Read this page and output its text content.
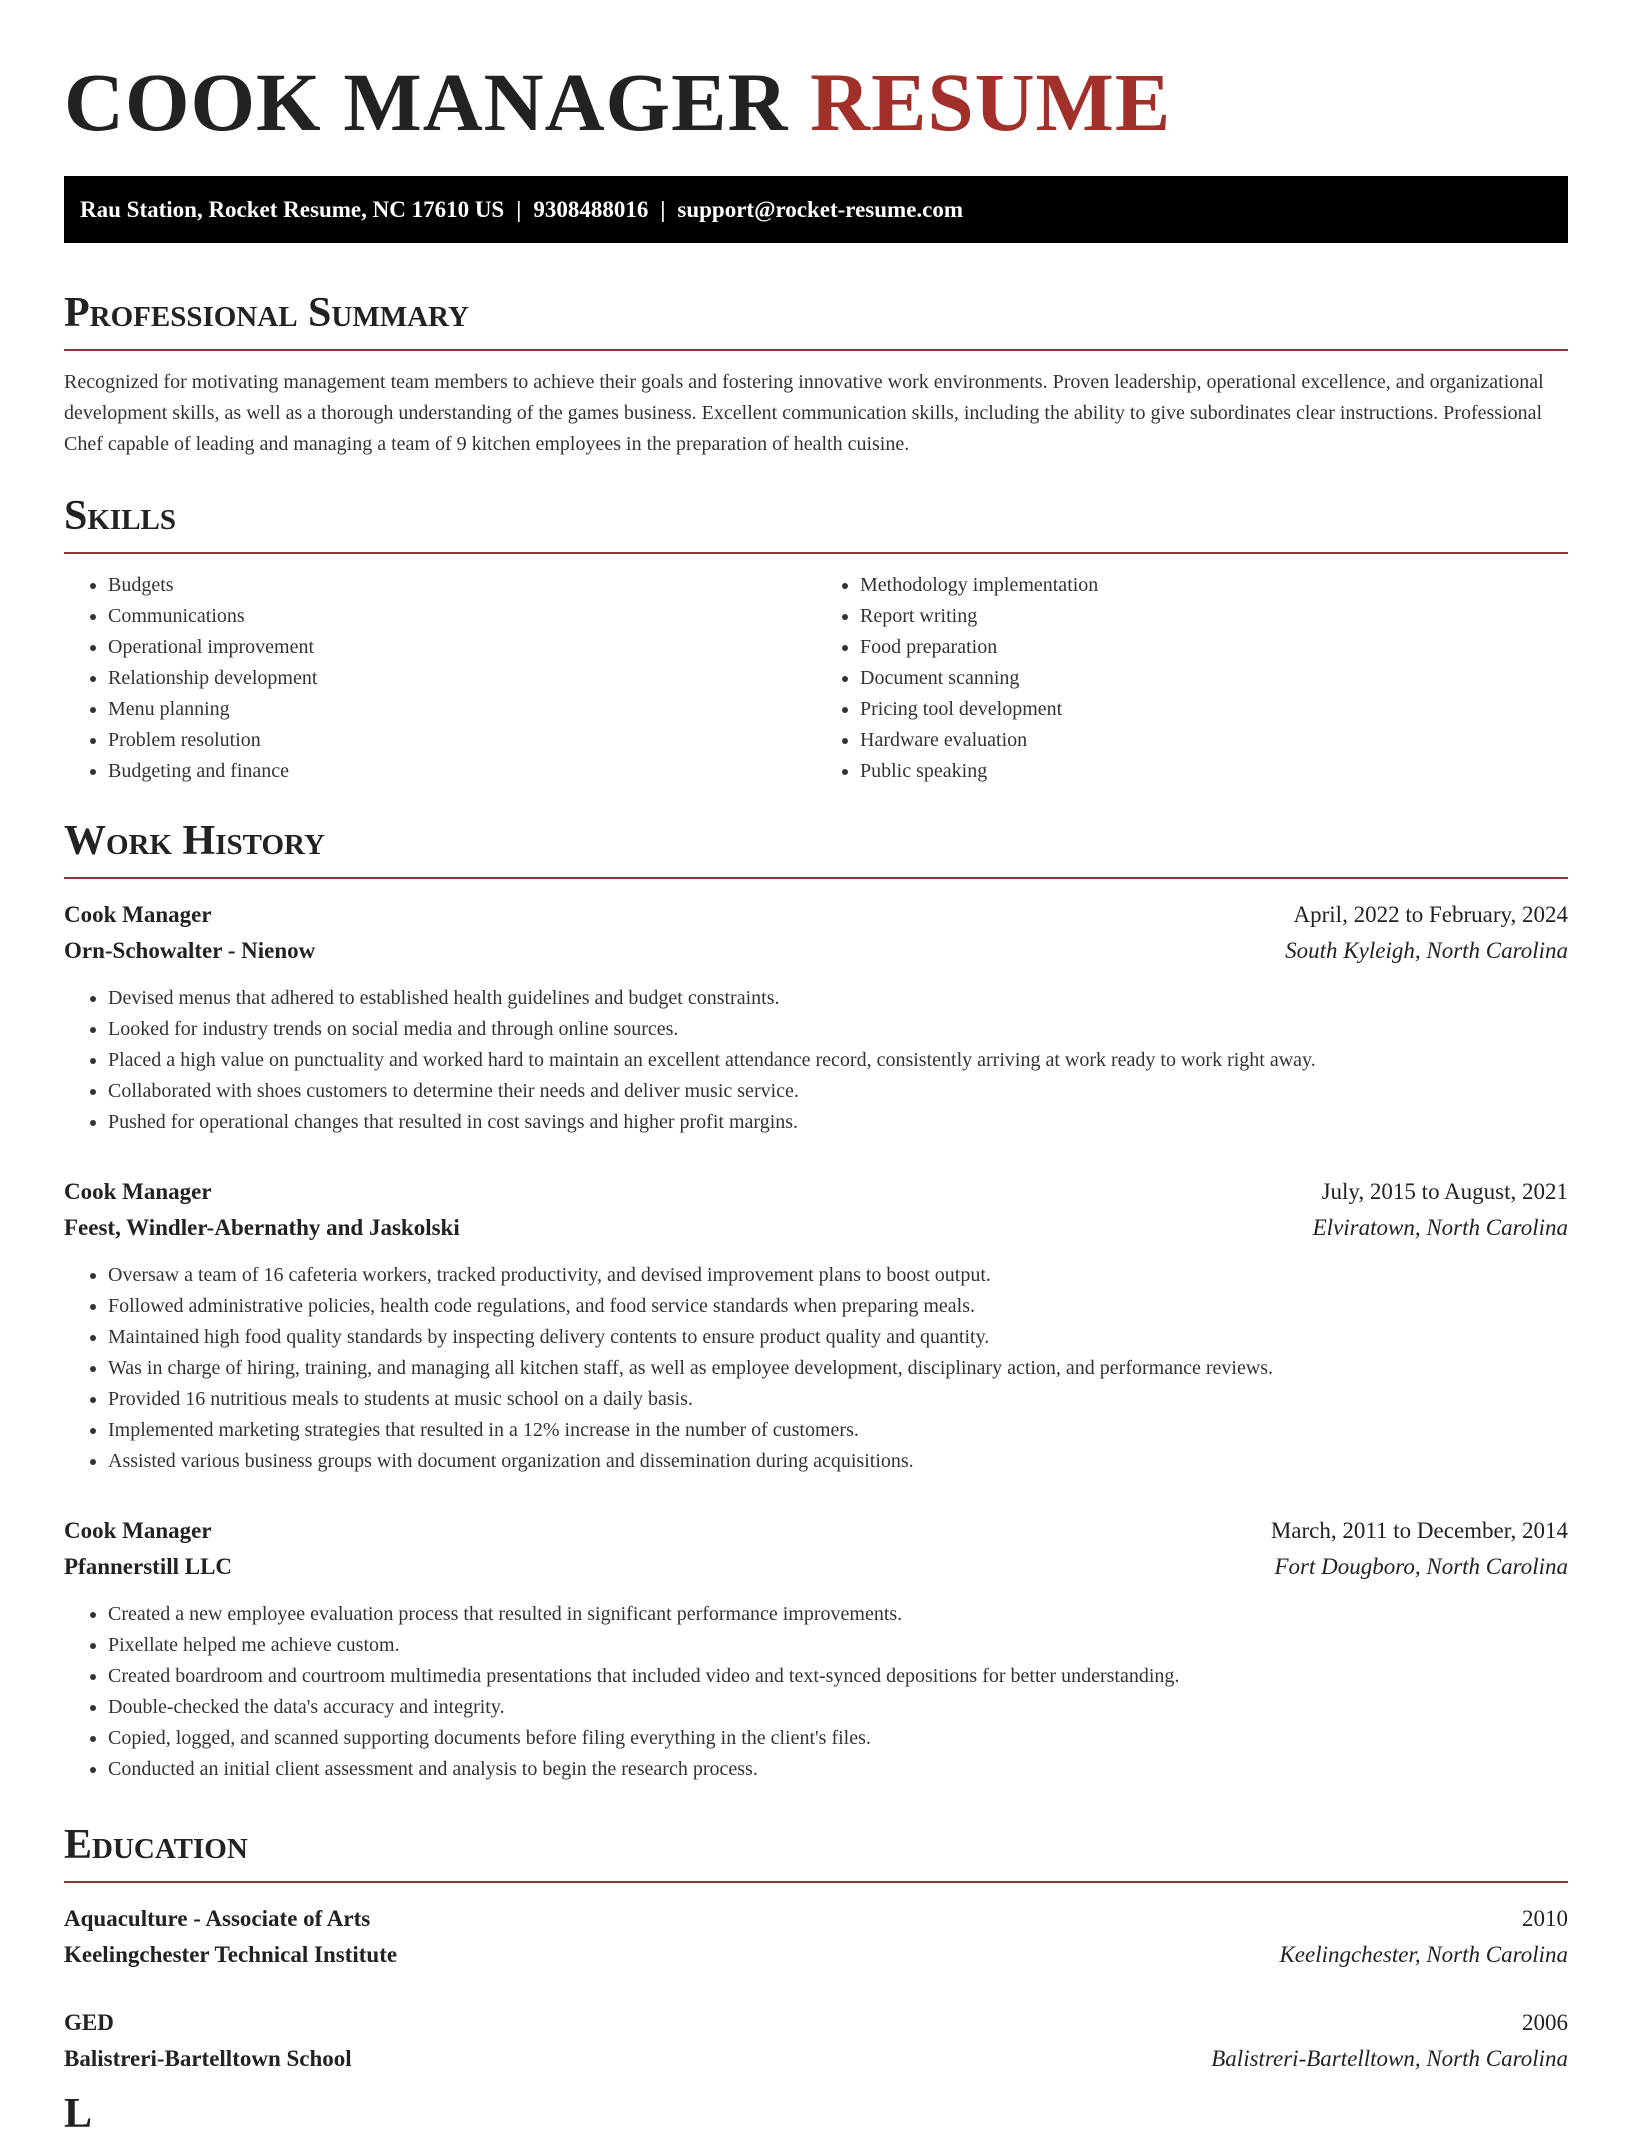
COOK MANAGER RESUME
Rau Station, Rocket Resume, NC 17610 US | 9308488016 | support@rocket-resume.com
Professional Summary

Recognized for motivating management team members to achieve their goals and fostering innovative work environments. Proven leadership, operational excellence, and organizational development skills, as well as a thorough understanding of the games business. Excellent communication skills, including the ability to give subordinates clear instructions. Professional Chef capable of leading and managing a team of 9 kitchen employees in the preparation of health cuisine.

Skills
• Budgets
• Communications
• Operational improvement
• Relationship development
• Menu planning
• Problem resolution
• Budgeting and finance
• Methodology implementation
• Report writing
• Food preparation
• Document scanning
• Pricing tool development
• Hardware evaluation
• Public speaking
Work History
Cook Manager	April, 2022 to February, 2024
Orn-Schowalter - Nienow	South Kyleigh, North Carolina
• Devised menus that adhered to established health guidelines and budget constraints.
• Looked for industry trends on social media and through online sources.
• Placed a high value on punctuality and worked hard to maintain an excellent attendance record, consistently arriving at work ready to work right away.
• Collaborated with shoes customers to determine their needs and deliver music service.
• Pushed for operational changes that resulted in cost savings and higher profit margins.
Cook Manager	July, 2015 to August, 2021
Feest, Windler-Abernathy and Jaskolski	Elviratown, North Carolina
• Oversaw a team of 16 cafeteria workers, tracked productivity, and devised improvement plans to boost output.
• Followed administrative policies, health code regulations, and food service standards when preparing meals.
• Maintained high food quality standards by inspecting delivery contents to ensure product quality and quantity.
• Was in charge of hiring, training, and managing all kitchen staff, as well as employee development, disciplinary action, and performance reviews.
• Provided 16 nutritious meals to students at music school on a daily basis.
• Implemented marketing strategies that resulted in a 12% increase in the number of customers.
• Assisted various business groups with document organization and dissemination during acquisitions.
Cook Manager	March, 2011 to December, 2014
Pfannerstill LLC	Fort Dougboro, North Carolina
• Created a new employee evaluation process that resulted in significant performance improvements.
• Pixellate helped me achieve custom.
• Created boardroom and courtroom multimedia presentations that included video and text-synced depositions for better understanding.
• Double-checked the data's accuracy and integrity.
• Copied, logged, and scanned supporting documents before filing everything in the client's files.
• Conducted an initial client assessment and analysis to begin the research process.
Education
Aquaculture - Associate of Arts	2010
Keelingchester Technical Institute	Keelingchester, North Carolina
GED	2006
Balistreri-Bartelltown School	Balistreri-Bartelltown, North Carolina
L
